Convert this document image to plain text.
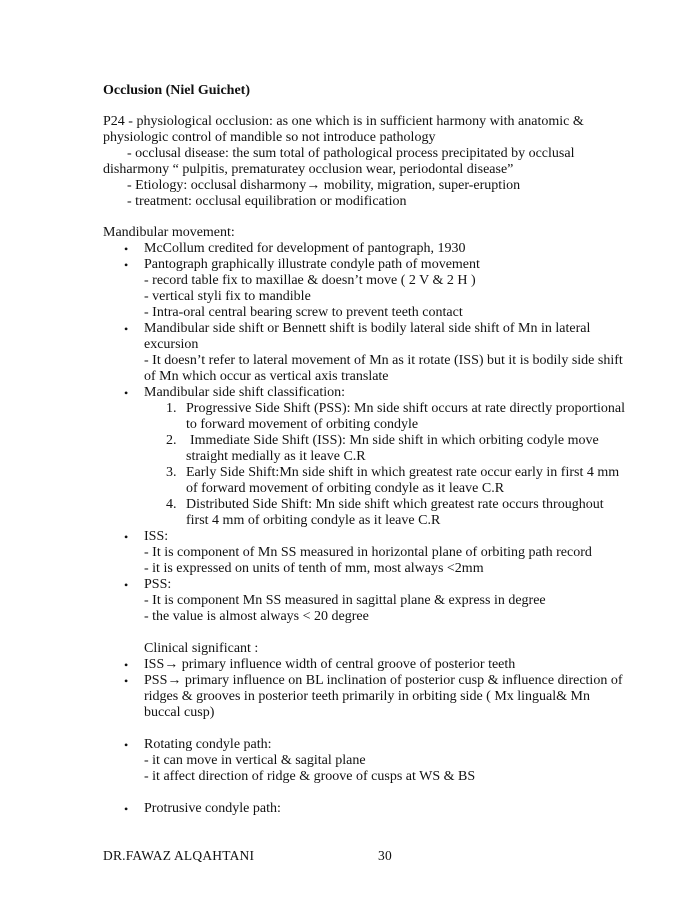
Occlusion (Niel Guichet)
P24 - physiological occlusion: as one which is in sufficient harmony with anatomic &
physiologic control of mandible so not introduce pathology
- occlusal disease: the sum total of pathological process precipitated by occlusal
disharmony “ pulpitis, prematuratey occlusion wear, periodontal disease”
- Etiology: occlusal disharmony→ mobility, migration, super-eruption
- treatment: occlusal equilibration or modification
Mandibular movement:
• McCollum credited for development of pantograph, 1930
• Pantograph graphically illustrate condyle path of movement
- record table fix to maxillae & doesn’t move ( 2 V & 2 H )
- vertical styli fix to mandible
- Intra-oral central bearing screw to prevent teeth contact
• Mandibular side shift or Bennett shift is bodily lateral side shift of Mn in lateral
excursion
- It doesn’t refer to lateral movement of Mn as it rotate (ISS) but it is bodily side shift
of Mn which occur as vertical axis translate
• Mandibular side shift classification:
1. Progressive Side Shift (PSS): Mn side shift occurs at rate directly proportional
to forward movement of orbiting condyle
2. Immediate Side Shift (ISS): Mn side shift in which orbiting codyle move
straight medially as it leave C.R
3. Early Side Shift:Mn side shift in which greatest rate occur early in first 4 mm
of forward movement of orbiting condyle as it leave C.R
4. Distributed Side Shift: Mn side shift which greatest rate occurs throughout
first 4 mm of orbiting condyle as it leave C.R
• ISS:
- It is component of Mn SS measured in horizontal plane of orbiting path record
- it is expressed on units of tenth of mm, most always <2mm
• PSS:
- It is component Mn SS measured in sagittal plane & express in degree
- the value is almost always < 20 degree
Clinical significant :
• ISS→ primary influence width of central groove of posterior teeth
• PSS→ primary influence on BL inclination of posterior cusp & influence direction of
ridges & grooves in posterior teeth primarily in orbiting side ( Mx lingual& Mn
buccal cusp)
• Rotating condyle path:
- it can move in vertical & sagital plane
- it affect direction of ridge & groove of cusps at WS & BS
• Protrusive condyle path:
DR.FAWAZ ALQAHTANI	30
